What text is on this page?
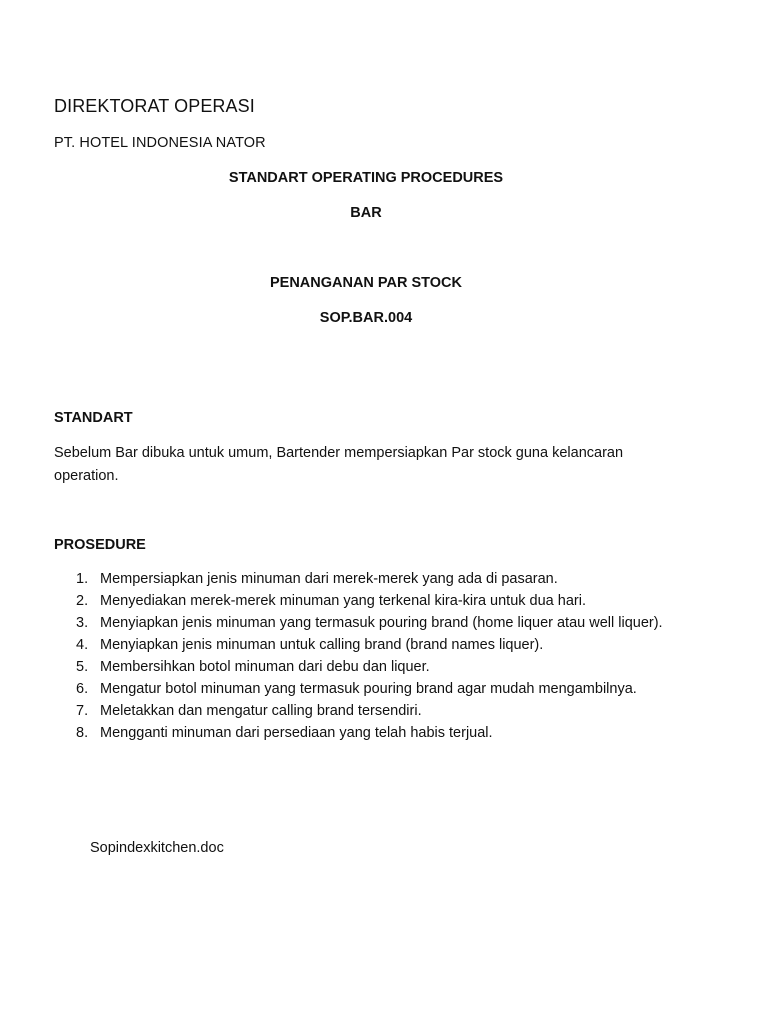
DIREKTORAT OPERASI

PT. HOTEL INDONESIA NATOR

STANDART OPERATING PROCEDURES

BAR

PENANGANAN PAR STOCK

SOP.BAR.004

STANDART

Sebelum Bar dibuka untuk umum, Bartender mempersiapkan Par stock guna kelancaran operation.

PROSEDURE

1. Mempersiapkan jenis minuman dari merek-merek yang ada di pasaran.
2. Menyediakan merek-merek minuman yang terkenal kira-kira untuk dua hari.
3. Menyiapkan jenis minuman yang termasuk pouring brand (home liquer atau well liquer).
4. Menyiapkan jenis minuman untuk calling brand (brand names liquer).
5. Membersihkan botol minuman dari debu dan liquer.
6. Mengatur botol minuman yang termasuk pouring brand agar mudah mengambilnya.
7. Meletakkan dan mengatur calling brand tersendiri.
8. Mengganti minuman dari persediaan yang telah habis terjual.

Sopindexkitchen.doc
